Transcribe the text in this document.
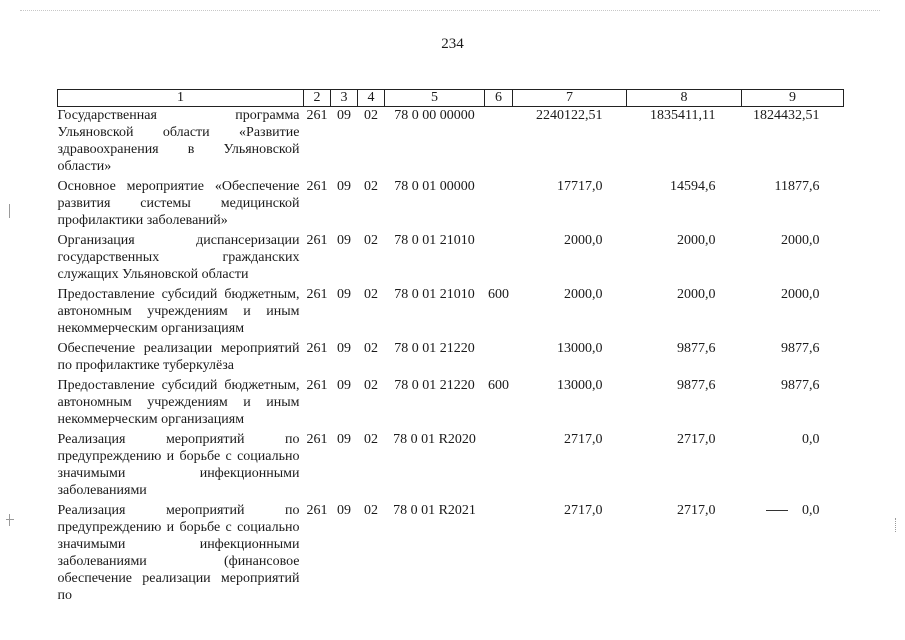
234
1	2	3	4	5	6	7	8	9
Государственная программа Ульяновской области «Развитие здравоохранения в Ульяновской области»	261	09	02	78 0 00 00000		2240122,51	1835411,11	1824432,51
Основное мероприятие «Обеспечение развития системы медицинской профилактики заболеваний»	261	09	02	78 0 01 00000		17717,0	14594,6	11877,6
Организация диспансеризации государственных гражданских служащих Ульяновской области	261	09	02	78 0 01 21010		2000,0	2000,0	2000,0
Предоставление субсидий бюджетным, автономным учреждениям и иным некоммерческим организациям	261	09	02	78 0 01 21010	600	2000,0	2000,0	2000,0
Обеспечение реализации мероприятий по профилактике туберкулёза	261	09	02	78 0 01 21220		13000,0	9877,6	9877,6
Предоставление субсидий бюджетным, автономным учреждениям и иным некоммерческим организациям	261	09	02	78 0 01 21220	600	13000,0	9877,6	9877,6
Реализация мероприятий по предупреждению и борьбе с социально значимыми инфекционными заболеваниями	261	09	02	78 0 01 R2020		2717,0	2717,0	0,0
Реализация мероприятий по предупреждению и борьбе с социально значимыми инфекционными заболеваниями (финансовое обеспечение реализации мероприятий по	261	09	02	78 0 01 R2021		2717,0	2717,0	0,0
